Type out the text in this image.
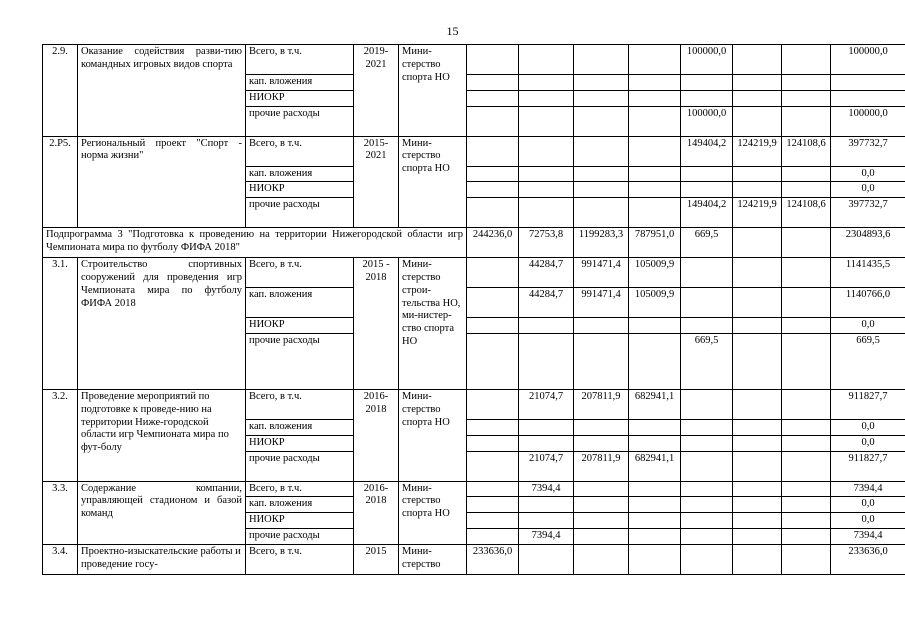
15
2.9.	Оказание содействия разви-тию командных игровых видов спорта	Всего, в т.ч.	2019-2021	Мини-стерство спорта НО					100000,0			100000,0
		кап. вложения										
		НИОКР										
		прочие расходы							100000,0			100000,0
2.Р5.	Региональный проект "Спорт - норма жизни"	Всего, в т.ч.	2015-2021	Мини-стерство спорта НО					149404,2	124219,9	124108,6	397732,7
		кап. вложения										0,0
		НИОКР										0,0
		прочие расходы							149404,2	124219,9	124108,6	397732,7
Подпрограмма 3 "Подготовка к проведению на территории Нижегородской области игр Чемпионата мира по футболу ФИФА 2018"					244236,0	72753,8	1199283,3	787951,0	669,5			2304893,6
3.1.	Строительство спортивных сооружений для проведения игр Чемпионата мира по футболу ФИФА 2018	Всего, в т.ч.	2015 - 2018	Мини-стерство строи-тельства НО, ми-нистер-ство спорта НО		44284,7	991471,4	105009,9				1141435,5
		кап. вложения				44284,7	991471,4	105009,9				1140766,0
		НИОКР										0,0
		прочие расходы							669,5			669,5
3.2.	Проведение мероприятий по подготовке к проведе-нию на территории Ниже-городской области игр Чемпионата мира по фут-болу	Всего, в т.ч.	2016-2018	Мини-стерство спорта НО		21074,7	207811,9	682941,1				911827,7
		кап. вложения										0,0
		НИОКР										0,0
		прочие расходы				21074,7	207811,9	682941,1				911827,7
3.3.	Содержание компании, управляющей стадионом и базой команд	Всего, в т.ч.	2016-2018	Мини-стерство спорта НО		7394,4						7394,4
		кап. вложения										0,0
		НИОКР										0,0
		прочие расходы				7394,4						7394,4
3.4.	Проектно-изыскательские работы и проведение госу-	Всего, в т.ч.	2015	Мини-стерство	233636,0							233636,0
